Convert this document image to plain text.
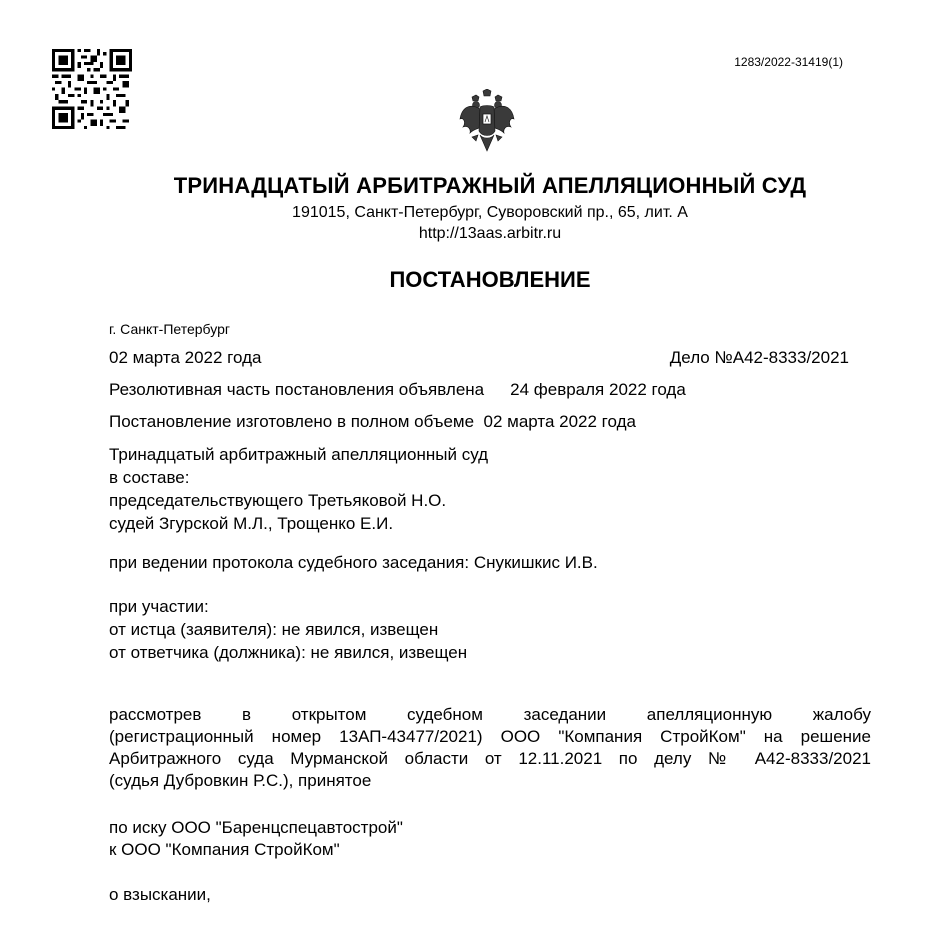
1283/2022-31419(1)
ТРИНАДЦАТЫЙ АРБИТРАЖНЫЙ АПЕЛЛЯЦИОННЫЙ СУД
191015, Санкт-Петербург, Суворовский пр., 65, лит. А
http://13aas.arbitr.ru
ПОСТАНОВЛЕНИЕ
г. Санкт-Петербург
02 марта 2022 года	Дело №А42-8333/2021
Резолютивная часть постановления объявлена 24 февраля 2022 года
Постановление изготовлено в полном объеме 02 марта 2022 года
Тринадцатый арбитражный апелляционный суд
в составе:
председательствующего Третьяковой Н.О.
судей Згурской М.Л., Трощенко Е.И.
при ведении протокола судебного заседания: Снукишкис И.В.
при участии:
от истца (заявителя): не явился, извещен
от ответчика (должника): не явился, извещен
рассмотрев в открытом судебном заседании апелляционную жалобу
(регистрационный номер 13АП-43477/2021) ООО "Компания СтройКом" на решение
Арбитражного суда Мурманской области от 12.11.2021 по делу № А42-8333/2021
(судья Дубровкин Р.С.), принятое
по иску ООО "Баренцспецавтострой"
к ООО "Компания СтройКом"
о взыскании,
